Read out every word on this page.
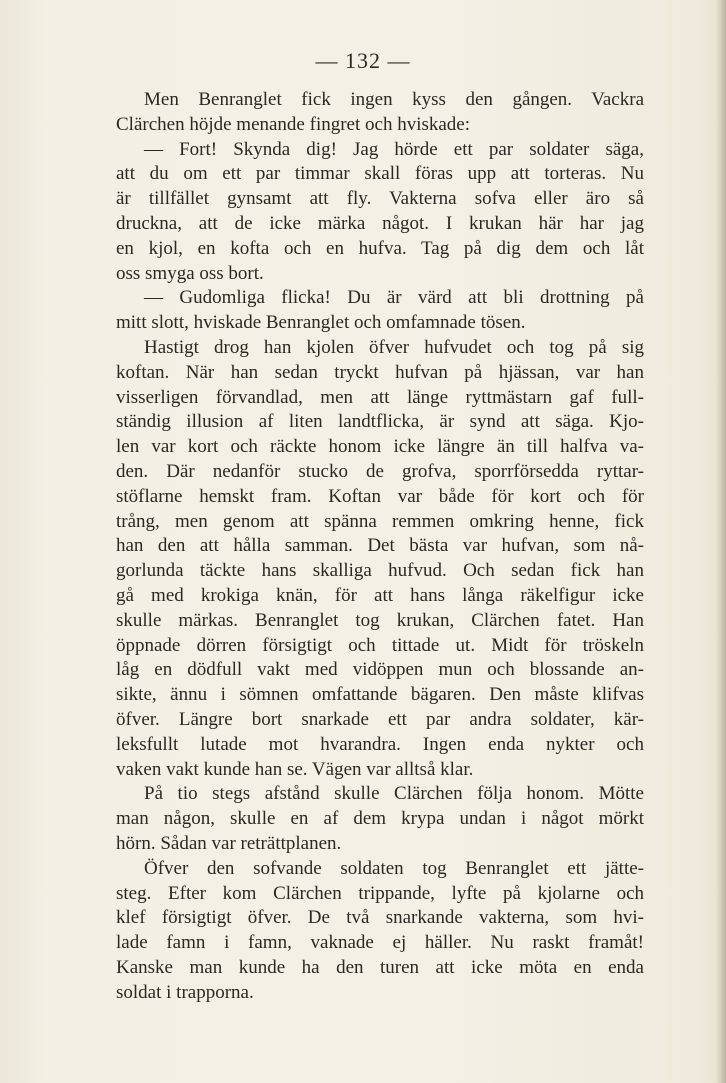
— 132 —
Men Benranglet fick ingen kyss den gången. Vackra
Clärchen höjde menande fingret och hviskade:
— Fort! Skynda dig! Jag hörde ett par soldater säga,
att du om ett par timmar skall föras upp att torteras. Nu
är tillfället gynsamt att fly. Vakterna sofva eller äro så
druckna, att de icke märka något. I krukan här har jag
en kjol, en kofta och en hufva. Tag på dig dem och låt
oss smyga oss bort.
— Gudomliga flicka! Du är värd att bli drottning på
mitt slott, hviskade Benranglet och omfamnade tösen.
Hastigt drog han kjolen öfver hufvudet och tog på sig
koftan. När han sedan tryckt hufvan på hjässan, var han
visserligen förvandlad, men att länge ryttmästarn gaf full-
ständig illusion af liten landtflicka, är synd att säga. Kjo-
len var kort och räckte honom icke längre än till halfva va-
den. Där nedanför stucko de grofva, sporrförsedda ryttar-
stöflarne hemskt fram. Koftan var både för kort och för
trång, men genom att spänna remmen omkring henne, fick
han den att hålla samman. Det bästa var hufvan, som nå-
gorlunda täckte hans skalliga hufvud. Och sedan fick han
gå med krokiga knän, för att hans långa räkelfigur icke
skulle märkas. Benranglet tog krukan, Clärchen fatet. Han
öppnade dörren försigtigt och tittade ut. Midt för tröskeln
låg en dödfull vakt med vidöppen mun och blossande an-
sikte, ännu i sömnen omfattande bägaren. Den måste klifvas
öfver. Längre bort snarkade ett par andra soldater, kär-
leksfullt lutade mot hvarandra. Ingen enda nykter och
vaken vakt kunde han se. Vägen var alltså klar.
På tio stegs afstånd skulle Clärchen följa honom. Mötte
man någon, skulle en af dem krypa undan i något mörkt
hörn. Sådan var reträttplanen.
Öfver den sofvande soldaten tog Benranglet ett jätte-
steg. Efter kom Clärchen trippande, lyfte på kjolarne och
klef försigtigt öfver. De två snarkande vakterna, som hvi-
lade famn i famn, vaknade ej häller. Nu raskt framåt!
Kanske man kunde ha den turen att icke möta en enda
soldat i trapporna.
